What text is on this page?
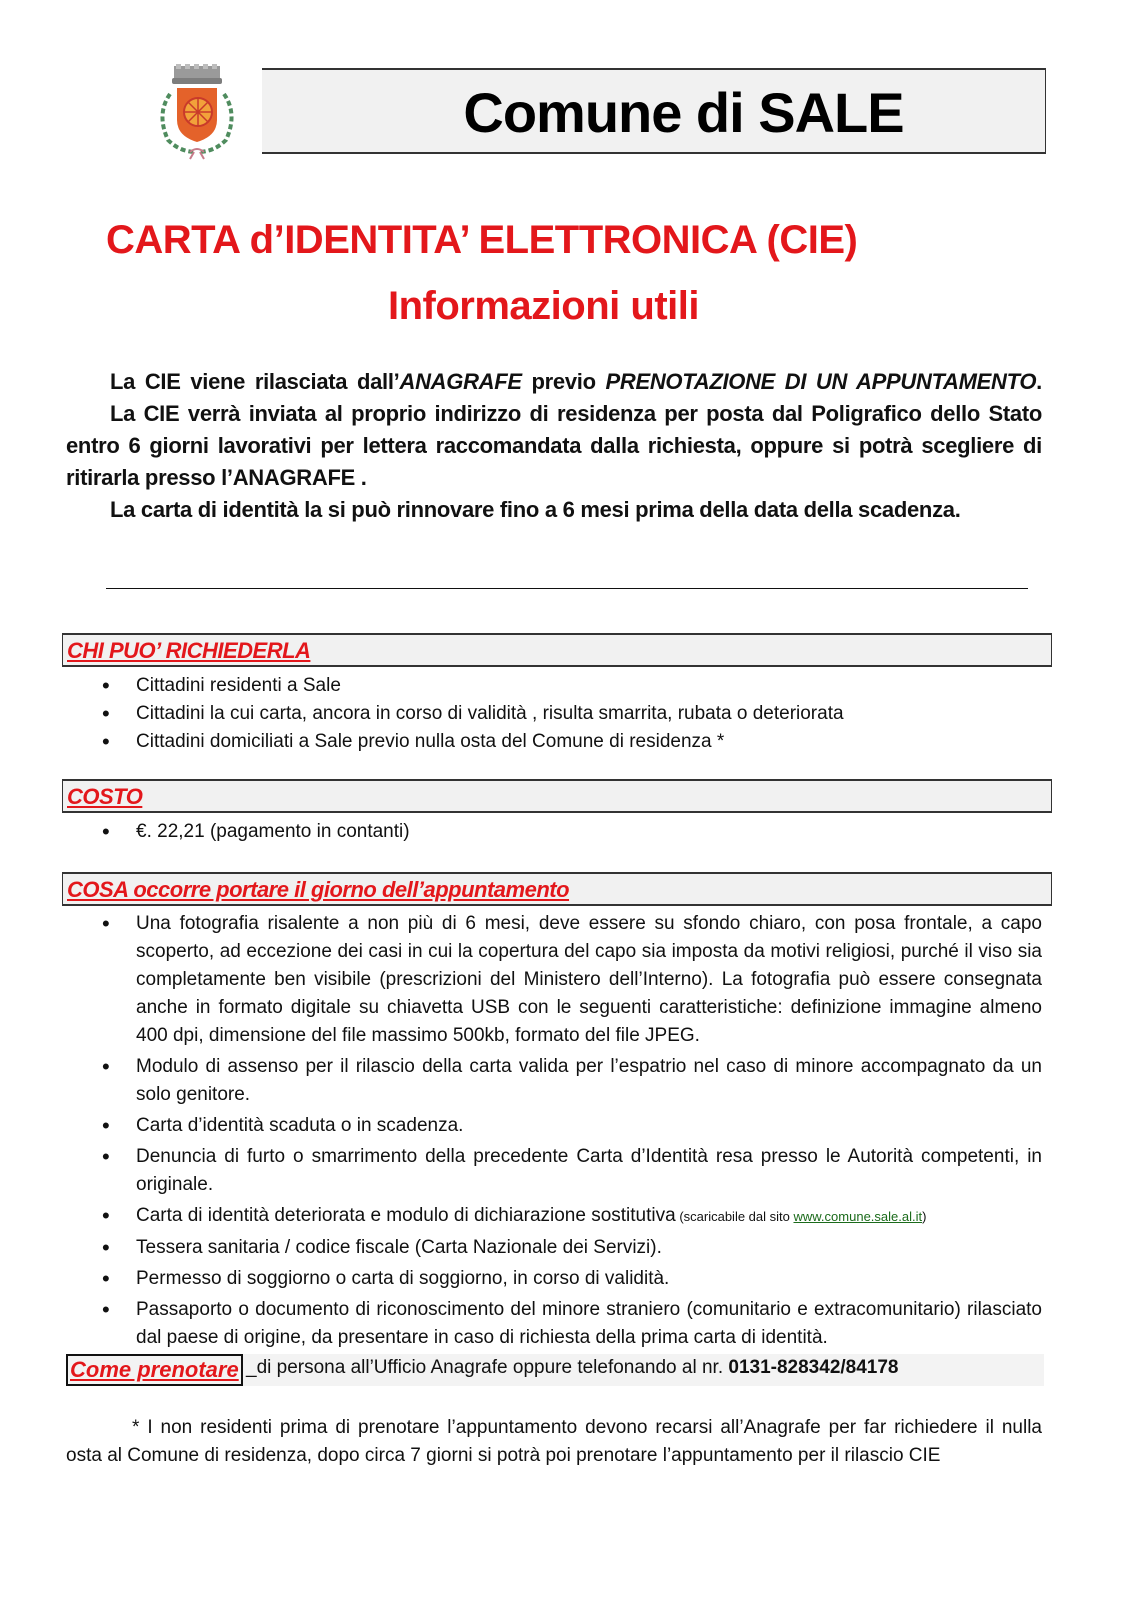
Comune di SALE
CARTA d’IDENTITA’ ELETTRONICA (CIE)
Informazioni utili

La CIE viene rilasciata dall’ANAGRAFE previo PRENOTAZIONE DI UN APPUNTAMENTO.

La CIE verrà inviata al proprio indirizzo di residenza per posta dal Poligrafico dello Stato entro 6 giorni lavorativi per lettera raccomandata dalla richiesta, oppure si potrà scegliere di ritirarla presso l’ANAGRAFE .

La carta di identità la si può rinnovare fino a 6 mesi prima della data della scadenza.

CHI PUO’ RICHIEDERLA
• Cittadini residenti a Sale
• Cittadini la cui carta, ancora in corso di validità , risulta smarrita, rubata o deteriorata
• Cittadini domiciliati a Sale previo nulla osta del Comune di residenza *
COSTO
• €. 22,21 (pagamento in contanti)
COSA occorre portare il giorno dell’appuntamento
• Una fotografia risalente a non più di 6 mesi, deve essere su sfondo chiaro, con posa frontale, a capo scoperto, ad eccezione dei casi in cui la copertura del capo sia imposta da motivi religiosi, purché il viso sia completamente ben visibile (prescrizioni del Ministero dell’Interno). La fotografia può essere consegnata anche in formato digitale su chiavetta USB con le seguenti caratteristiche: definizione immagine almeno 400 dpi, dimensione del file massimo 500kb, formato del file JPEG.
• Modulo di assenso per il rilascio della carta valida per l’espatrio nel caso di minore accompagnato da un solo genitore.
• Carta d’identità scaduta o in scadenza.
• Denuncia di furto o smarrimento della precedente Carta d’Identità resa presso le Autorità competenti, in originale.
• Carta di identità deteriorata e modulo di dichiarazione sostitutiva (scaricabile dal sito www.comune.sale.al.it)
• Tessera sanitaria / codice fiscale (Carta Nazionale dei Servizi).
• Permesso di soggiorno o carta di soggiorno, in corso di validità.
• Passaporto o documento di riconoscimento del minore straniero (comunitario e extracomunitario) rilasciato dal paese di origine, da presentare in caso di richiesta della prima carta di identità.
Come prenotare _di persona all’Ufficio Anagrafe oppure telefonando al nr. 0131-828342/84178

* I non residenti prima di prenotare l’appuntamento devono recarsi all’Anagrafe per far richiedere il nulla osta al Comune di residenza, dopo circa 7 giorni si potrà poi prenotare l’appuntamento per il rilascio CIE
